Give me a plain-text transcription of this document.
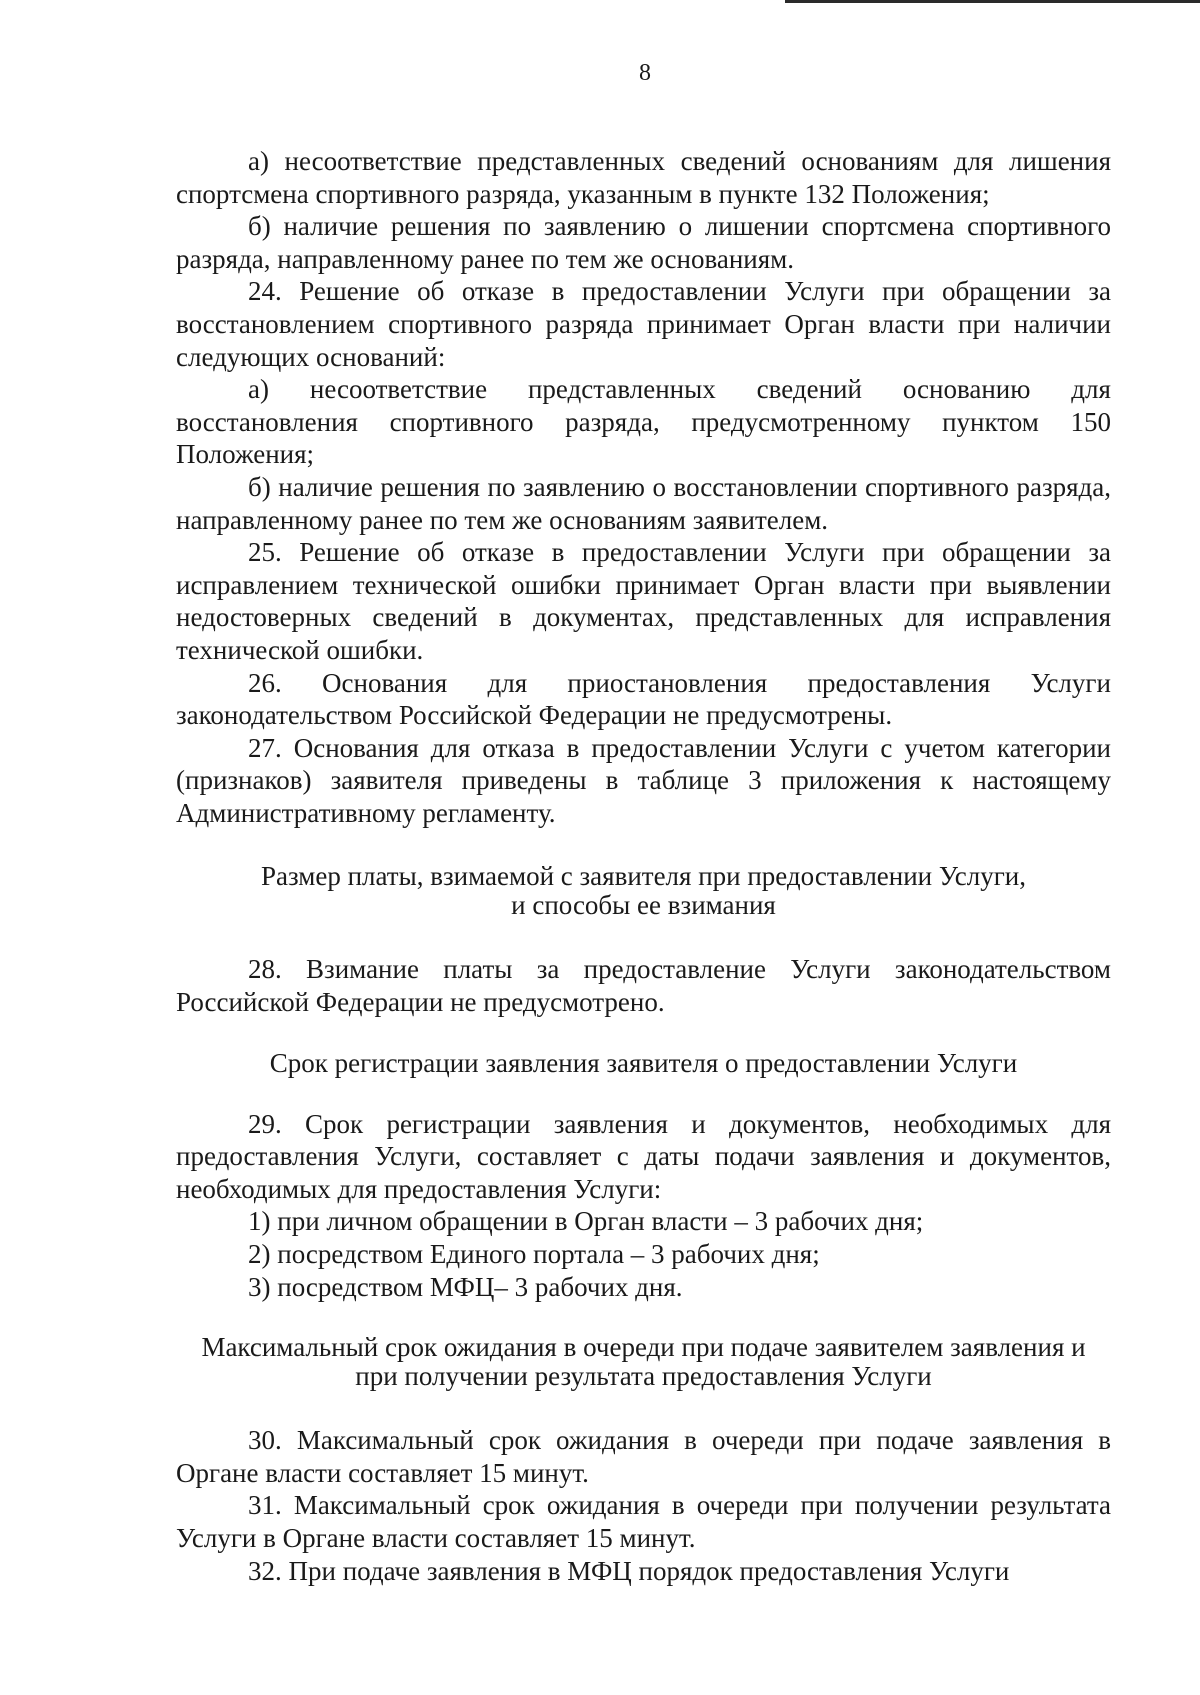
8

а) несоответствие представленных сведений основаниям для лишения спортсмена спортивного разряда, указанным в пункте 132 Положения;

б) наличие решения по заявлению о лишении спортсмена спортивного разряда, направленному ранее по тем же основаниям.

24. Решение об отказе в предоставлении Услуги при обращении за восстановлением спортивного разряда принимает Орган власти при наличии следующих оснований:

а) несоответствие представленных сведений основанию для
восстановления спортивного разряда, предусмотренному пунктом 150
Положения;

б) наличие решения по заявлению о восстановлении спортивного разряда, направленному ранее по тем же основаниям заявителем.

25. Решение об отказе в предоставлении Услуги при обращении за исправлением технической ошибки принимает Орган власти при выявлении недостоверных сведений в документах, представленных для исправления технической ошибки.

26. Основания для приостановления предоставления Услуги
законодательством Российской Федерации не предусмотрены.

27. Основания для отказа в предоставлении Услуги с учетом категории (признаков) заявителя приведены в таблице 3 приложения к настоящему Административному регламенту.

Размер платы, взимаемой с заявителя при предоставлении Услуги,
и способы ее взимания

28. Взимание платы за предоставление Услуги законодательством Российской Федерации не предусмотрено.

Срок регистрации заявления заявителя о предоставлении Услуги

29. Срок регистрации заявления и документов, необходимых для предоставления Услуги, составляет с даты подачи заявления и документов, необходимых для предоставления Услуги:

1) при личном обращении в Орган власти – 3 рабочих дня;

2) посредством Единого портала – 3 рабочих дня;

3) посредством МФЦ– 3 рабочих дня.

Максимальный срок ожидания в очереди при подаче заявителем заявления и
при получении результата предоставления Услуги

30. Максимальный срок ожидания в очереди при подаче заявления в Органе власти составляет 15 минут.

31. Максимальный срок ожидания в очереди при получении результата Услуги в Органе власти составляет 15 минут.

32. При подаче заявления в МФЦ порядок предоставления Услуги
